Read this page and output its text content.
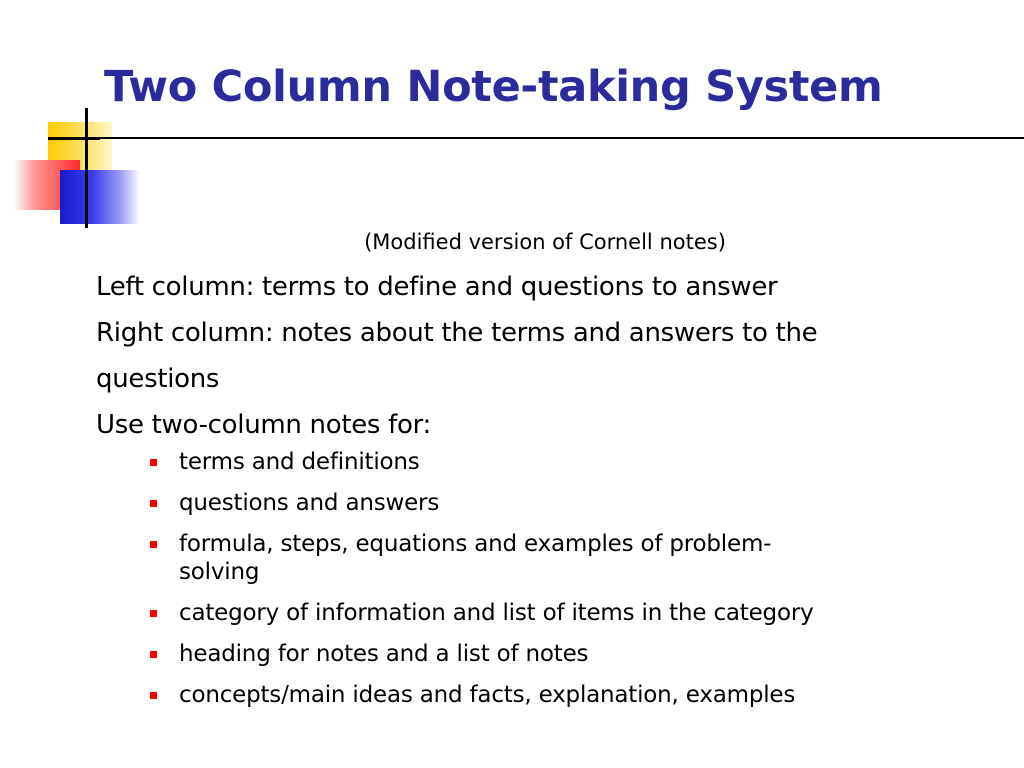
Two Column Note-taking System
(Modified version of Cornell notes)

Left column: terms to define and questions to answer

Right column: notes about the terms and answers to the

questions

Use two-column notes for:

terms and definitions
questions and answers
formula, steps, equations and examples of problem-
solving
category of information and list of items in the category
heading for notes and a list of notes
concepts/main ideas and facts, explanation, examples
